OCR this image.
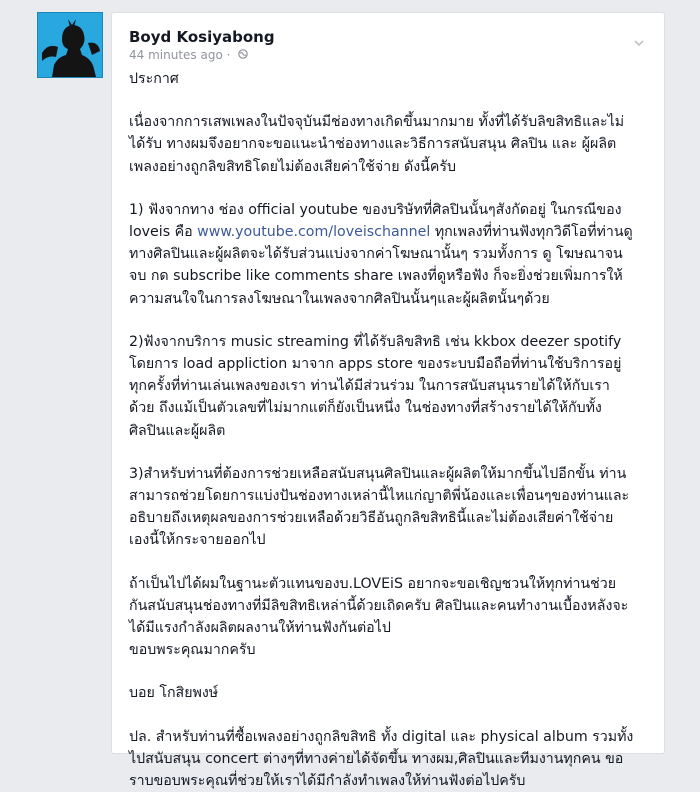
Boyd Kosiyabong
44 minutes ago ·
ประกาศ
เนื่องจากการเสพเพลงในปัจจุบันมีช่องทางเกิดขึ้นมากมาย ทั้งที่ได้รับลิขสิทธิและไม่
ได้รับ ทางผมจึงอยากจะขอแนะนำช่องทางและวิธีการสนับสนุน ศิลปิน และ ผู้ผลิต
เพลงอย่างถูกลิขสิทธิโดยไม่ต้องเสียค่าใช้จ่าย ดังนี้ครับ
1) ฟังจากทาง ช่อง official youtube ของบริษัทที่ศิลปินนั้นๆสังกัดอยู่ ในกรณีของ
loveis คือ www.youtube.com/loveischannel ทุกเพลงที่ท่านฟังทุกวิดีโอที่ท่านดู
ทางศิลปินและผู้ผลิตจะได้รับส่วนแบ่งจากค่าโฆษณานั้นๆ รวมทั้งการ ดู โฆษณาจน
จบ กด subscribe like comments share เพลงที่ดูหรือฟัง ก็จะยิ่งช่วยเพิ่มการให้
ความสนใจในการลงโฆษณาในเพลงจากศิลปินนั้นๆและผู้ผลิตนั้นๆด้วย
2)ฟังจากบริการ music streaming ที่ได้รับลิขสิทธิ เช่น kkbox deezer spotify
โดยการ load appliction มาจาก apps store ของระบบมือถือที่ท่านใช้บริการอยู่
ทุกครั้งที่ท่านเล่นเพลงของเรา ท่านได้มีส่วนร่วม ในการสนับสนุนรายได้ให้กับเรา
ด้วย ถึงแม้เป็นตัวเลขที่ไม่มากแต่ก็ยังเป็นหนึ่ง ในช่องทางที่สร้างรายได้ให้กับทั้ง
ศิลปินและผู้ผลิต
3)สำหรับท่านที่ต้องการช่วยเหลือสนับสนุนศิลปินและผู้ผลิตให้มากขึ้นไปอีกขั้น ท่าน
สามารถช่วยโดยการแบ่งปันช่องทางเหล่านี้ไหแก่ญาติพี่น้องและเพื่อนๆของท่านและ
อธิบายถึงเหตุผลของการช่วยเหลือด้วยวิธีอันถูกลิขสิทธินี้และไม่ต้องเสียค่าใช้จ่าย
เองนี้ให้กระจายออกไป
ถ้าเป็นไปได้ผมในฐานะตัวแทนของบ.LOVEiS อยากจะขอเชิญชวนให้ทุกท่านช่วย
กันสนับสนุนช่องทางที่มีลิขสิทธิเหล่านี้ด้วยเถิดครับ ศิลปินและคนทำงานเบื้องหลังจะ
ได้มีแรงกำลังผลิตผลงานให้ท่านฟังกันต่อไป
ขอบพระคุณมากครับ
บอย โกสิยพงษ์
ปล. สำหรับท่านที่ซื้อเพลงอย่างถูกลิขสิทธิ ทั้ง digital และ physical album รวมทั้ง
ไปสนับสนุน concert ต่างๆที่ทางค่ายได้จัดขึ้น ทางผม,ศิลปินและทีมงานทุกคน ขอ
ราบขอบพระคุณที่ช่วยให้เราได้มีกำลังทำเพลงให้ท่านฟังต่อไปครับ
